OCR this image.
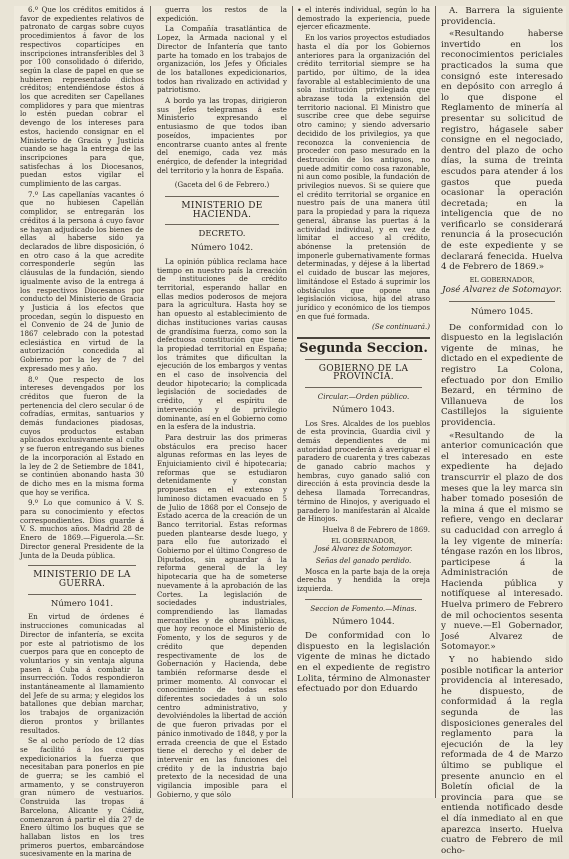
•

6.º Que los créditos emitidos á favor de expedientes relativos de patronato de cargas sobre cuyos procedimientos á favor de los respectivos copartícipes en inscripciones intransferibles del 3 por 100 consolidado ó diferido, según la clase de papel en que se hubieren representado dichos créditos; entendiéndose éstos á los que acrediten ser Capellanes complidores y para que mientras lo estén puedan cobrar el devengo de los intereses para estos, haciendo consignar en el Ministerio de Gracia y Justicia cuando se haga la entrega de las inscripciones para que, satisfechas á los Diocesanos, puedan estos vigilar el cumplimiento de las cargas.

7.º Las capellanías vacantes ó que no hubiesen Capellán complidor, se entregarán los créditos á la persona á cuyo favor se hayan adjudicado los bienes de ellas al haberse sido ya declarados de libre disposición, ó en otro caso á la que acredite corresponderle según las cláusulas de la fundación, siendo igualmente aviso de la entrega á los respectivos Diocesanos por conducto del Ministerio de Gracia y Justicia á los efectos que procedan, según lo dispuesto en el Convenio de 24 de Junio de 1867 celebrado con la potestad eclesiástica en virtud de la autorización concedida al Gobierno por la ley de 7 del expresado mes y año.

8.º Que respecto de los intereses devengados por los créditos que fueron de la pertenencia del clero secular ó de cofradías, ermitas, santuarios y demás fundaciones piadosas, cuyos productos estaban aplicados exclusivamente al culto y se fueron entregando sus bienes de la incorporación al Estado en la ley de 2 de Setiembre de 1841, se continúen abonando hasta 30 de dicho mes en la misma forma que hoy se verifica.

9.º Lo que comunico á V. S. para su conocimiento y efectos correspondientes. Dios guarde á V. S. muchos años. Madrid 28 de Enero de 1869.—Figuerola.—Sr. Director general Presidente de la Junta de la Deuda pública.

MINISTERIO DE LA GUERRA.
Número 1041.

En virtud de órdenes é instrucciones comunicadas al Director de infantería, se excita por este al patriotismo de los cuerpos para que en concepto de voluntarios y sin ventaja alguna pasen á Cuba á combatir la insurrección. Todos respondieron instantáneamente al llamamiento del Jefe de su arma; y elegidos los batallones que debían marchar, los trabajos de organización dieron prontos y brillantes resultados.

Se al ocho período de 12 días se facilitó á los cuerpos expedicionarios la fuerza que necesitaban para ponerlos en pie de guerra; se les cambió el armamento, y se construyeron gran número de vestuarios. Construida las tropas á Barcelona, Alicante y Cádiz, comenzaron á partir el día 27 de Enero último los buques que se hallaban listos en los tres primeros puertos, embarcándose sucesivamente en la marina de

guerra los restos de la expedición.

La Compañía trasatlántica de Lopez, la Armada nacional y el Director de Infantería que tanto parte ha tomado en los trabajos de organización, los Jefes y Oficiales de los batallones expedicionarios, todos han rivalizado en actividad y patriotismo.

A bordo ya las tropas, dirigieron sus Jefes telegramas á este Ministerio expresando el entusiasmo de que todos iban poseídos, impacientes por encontrarse cuanto antes al frente del enemigo, cada vez más enérgico, de defender la integridad del territorio y la honra de España.

(Gaceta del 6 de Febrero.)

MINISTERIO DE HACIENDA.
DECRETO.
Número 1042.

La opinión pública reclama hace tiempo en nuestro país la creación de instituciones de crédito territorial, esperando hallar en ellas medios poderosos de mejora para la agricultura. Hasta hoy se han opuesto al establecimiento de dichas instituciones varias causas de grandísima fuerza, como son la defectuosa constitución que tiene la propiedad territorial en España; los trámites que dificultan la ejecución de los embargos y ventas en el caso de insolvencia del deudor hipotecario; la complicada legislación de sociedades de crédito, y el espíritu de intervención y de privilegio dominante, así en el Gobierno como en la esfera de la industria.

Para destruir las dos primeras obstáculos era preciso hacer algunas reformas en las leyes de Enjuiciamiento civil é hipotecaria; reformas que se estudiaron detenidamente y constan propuestas en el extenso y luminoso dictamen evacuado en 5 de Julio de 1868 por el Consejo de Estado acerca de la creación de un Banco territorial. Estas reformas pueden plantearse desde luego, y para ello fue autorizado el Gobierno por el último Congreso de Diputados, sin aguardar á la reforma general de la ley hipotecaria que ha de someterse nuevamente á la aprobación de las Cortes. La legislación de sociedades industriales, comprendiendo las llamadas mercantiles y de obras públicas, que hoy reconoce el Ministerio de Fomento, y los de seguros y de crédito que dependen respectivamente de los de Gobernación y Hacienda, debe también reformarse desde el primer momento. Al convocar el conocimiento de todas estas diferentes sociedades á un solo centro administrativo, y devolviéndoles la libertad de acción de que fueron privadas por el pánico inmotivado de 1848, y por la errada creencia de que el Estado tiene el derecho y el deber de intervenir en las funciones del crédito y de la industria bajo pretexto de la necesidad de una vigilancia imposible para el Gobierno, y que sólo

el interés individual, según lo ha demostrado la experiencia, puede ejercer eficazmente.

En los varios proyectos estudiados hasta el día por los Gobiernos anteriores para la organización del crédito territorial siempre se ha partido, por último, de la idea favorable al establecimiento de una sola institución privilegiada que abrazase toda la extensión del territorio nacional. El Ministro que suscribe cree que debe seguirse otro camino; y siendo adversario decidido de los privilegios, ya que reconozca la conveniencia de proceder con paso mesurado en la destrucción de los antiguos, no puede admitir como cosa razonable, ni aun como posible, la fundación de privilegios nuevos. Si se quiere que el crédito territorial se organice en nuestro país de una manera útil para la propiedad y para la riqueza general, ábranse las puertas á la actividad individual, y en vez de limitar el acceso al crédito, abónense la pretensión de imponerle gubernativamente formas determinadas, y déjese á la libertad el cuidado de buscar las mejores, limitándose el Estado á suprimir los obstáculos que opone una legislación viciosa, hija del atraso jurídico y económico de los tiempos en que fué formada.

(Se continuará.)

Segunda Seccion.
GOBIERNO DE LA PROVINCIA.

Circular.—Orden público.

Número 1043.

Los Sres. Alcaldes de los pueblos de esta provincia, Guardia civil y demás dependientes de mi autoridad procederán á averiguar el paradero de cuarenta y tres cabezas de ganado cabrío machos y hembras, cuyo ganado salió con dirección á esta provincia desde la dehesa llamada Torrecandras, término de Hinojos, y averiguado el paradero lo manifestarán al Alcalde de Hinojos.

Huelva 8 de Febrero de 1869.

EL GOBERNADOR,
José Alvarez de Sotomayor.

Señas del ganado perdido.

Mosca en la parte baja de la oreja derecha y hendida la oreja izquierda.

Seccion de Fomento.—Minas.

Número 1044.

De conformidad con lo dispuesto en la legislación vigente de minas he dictado en el expediente de registro Lolita, término de Almonaster efectuado por don Eduardo

A. Barrera la siguiente providencia.

«Resultando haberse invertido en los reconocimientos periciales practicados la suma que consignó este interesado en depósito con arreglo á lo que dispone el Reglamento de minería al presentar su solicitud de registro, hágasele saber consigne en el negociado, dentro del plazo de ocho días, la suma de treinta escudos para atender á los gastos que pueda ocasionar la operación decretada; en la inteligencia que de no verificarlo se considerará renuncia á la prosecución de este expediente y se declarará fenecida. Huelva 4 de Febrero de 1869.»

EL GOBERNADOR,
José Alvarez de Sotomayor.
Número 1045.

De conformidad con lo dispuesto en la legislación vigente de minas, he dictado en el expediente de registro La Colona, efectuado por don Emilio Bezard, en término de Villanueva de los Castillejos la siguiente providencia.

«Resultando de la anterior comunicación que el interesado en este expediente ha dejado transcurrir el plazo de dos meses que la ley marca sin haber tomado posesión de la mina á que el mismo se refiere, vengo en declarar su caducidad con arreglo á la ley vigente de minería: téngase razón en los libros, participese á la Administración de Hacienda pública y notifíquese al interesado. Huelva primero de Febrero de mil ochocientos sesenta y nueve.—El Gobernador, José Alvarez de Sotomayor.»

Y no habiendo sido posible notificar la anterior providencia al interesado, he dispuesto, de conformidad á la regla segunda de las disposiciones generales del reglamento para la ejecución de la ley reformada de 4 de Marzo último se publique el presente anuncio en el Boletín oficial de la provincia para que se entienda notificado desde el día inmediato al en que aparezca inserto. Huelva cuatro de Febrero de mil ocho-
